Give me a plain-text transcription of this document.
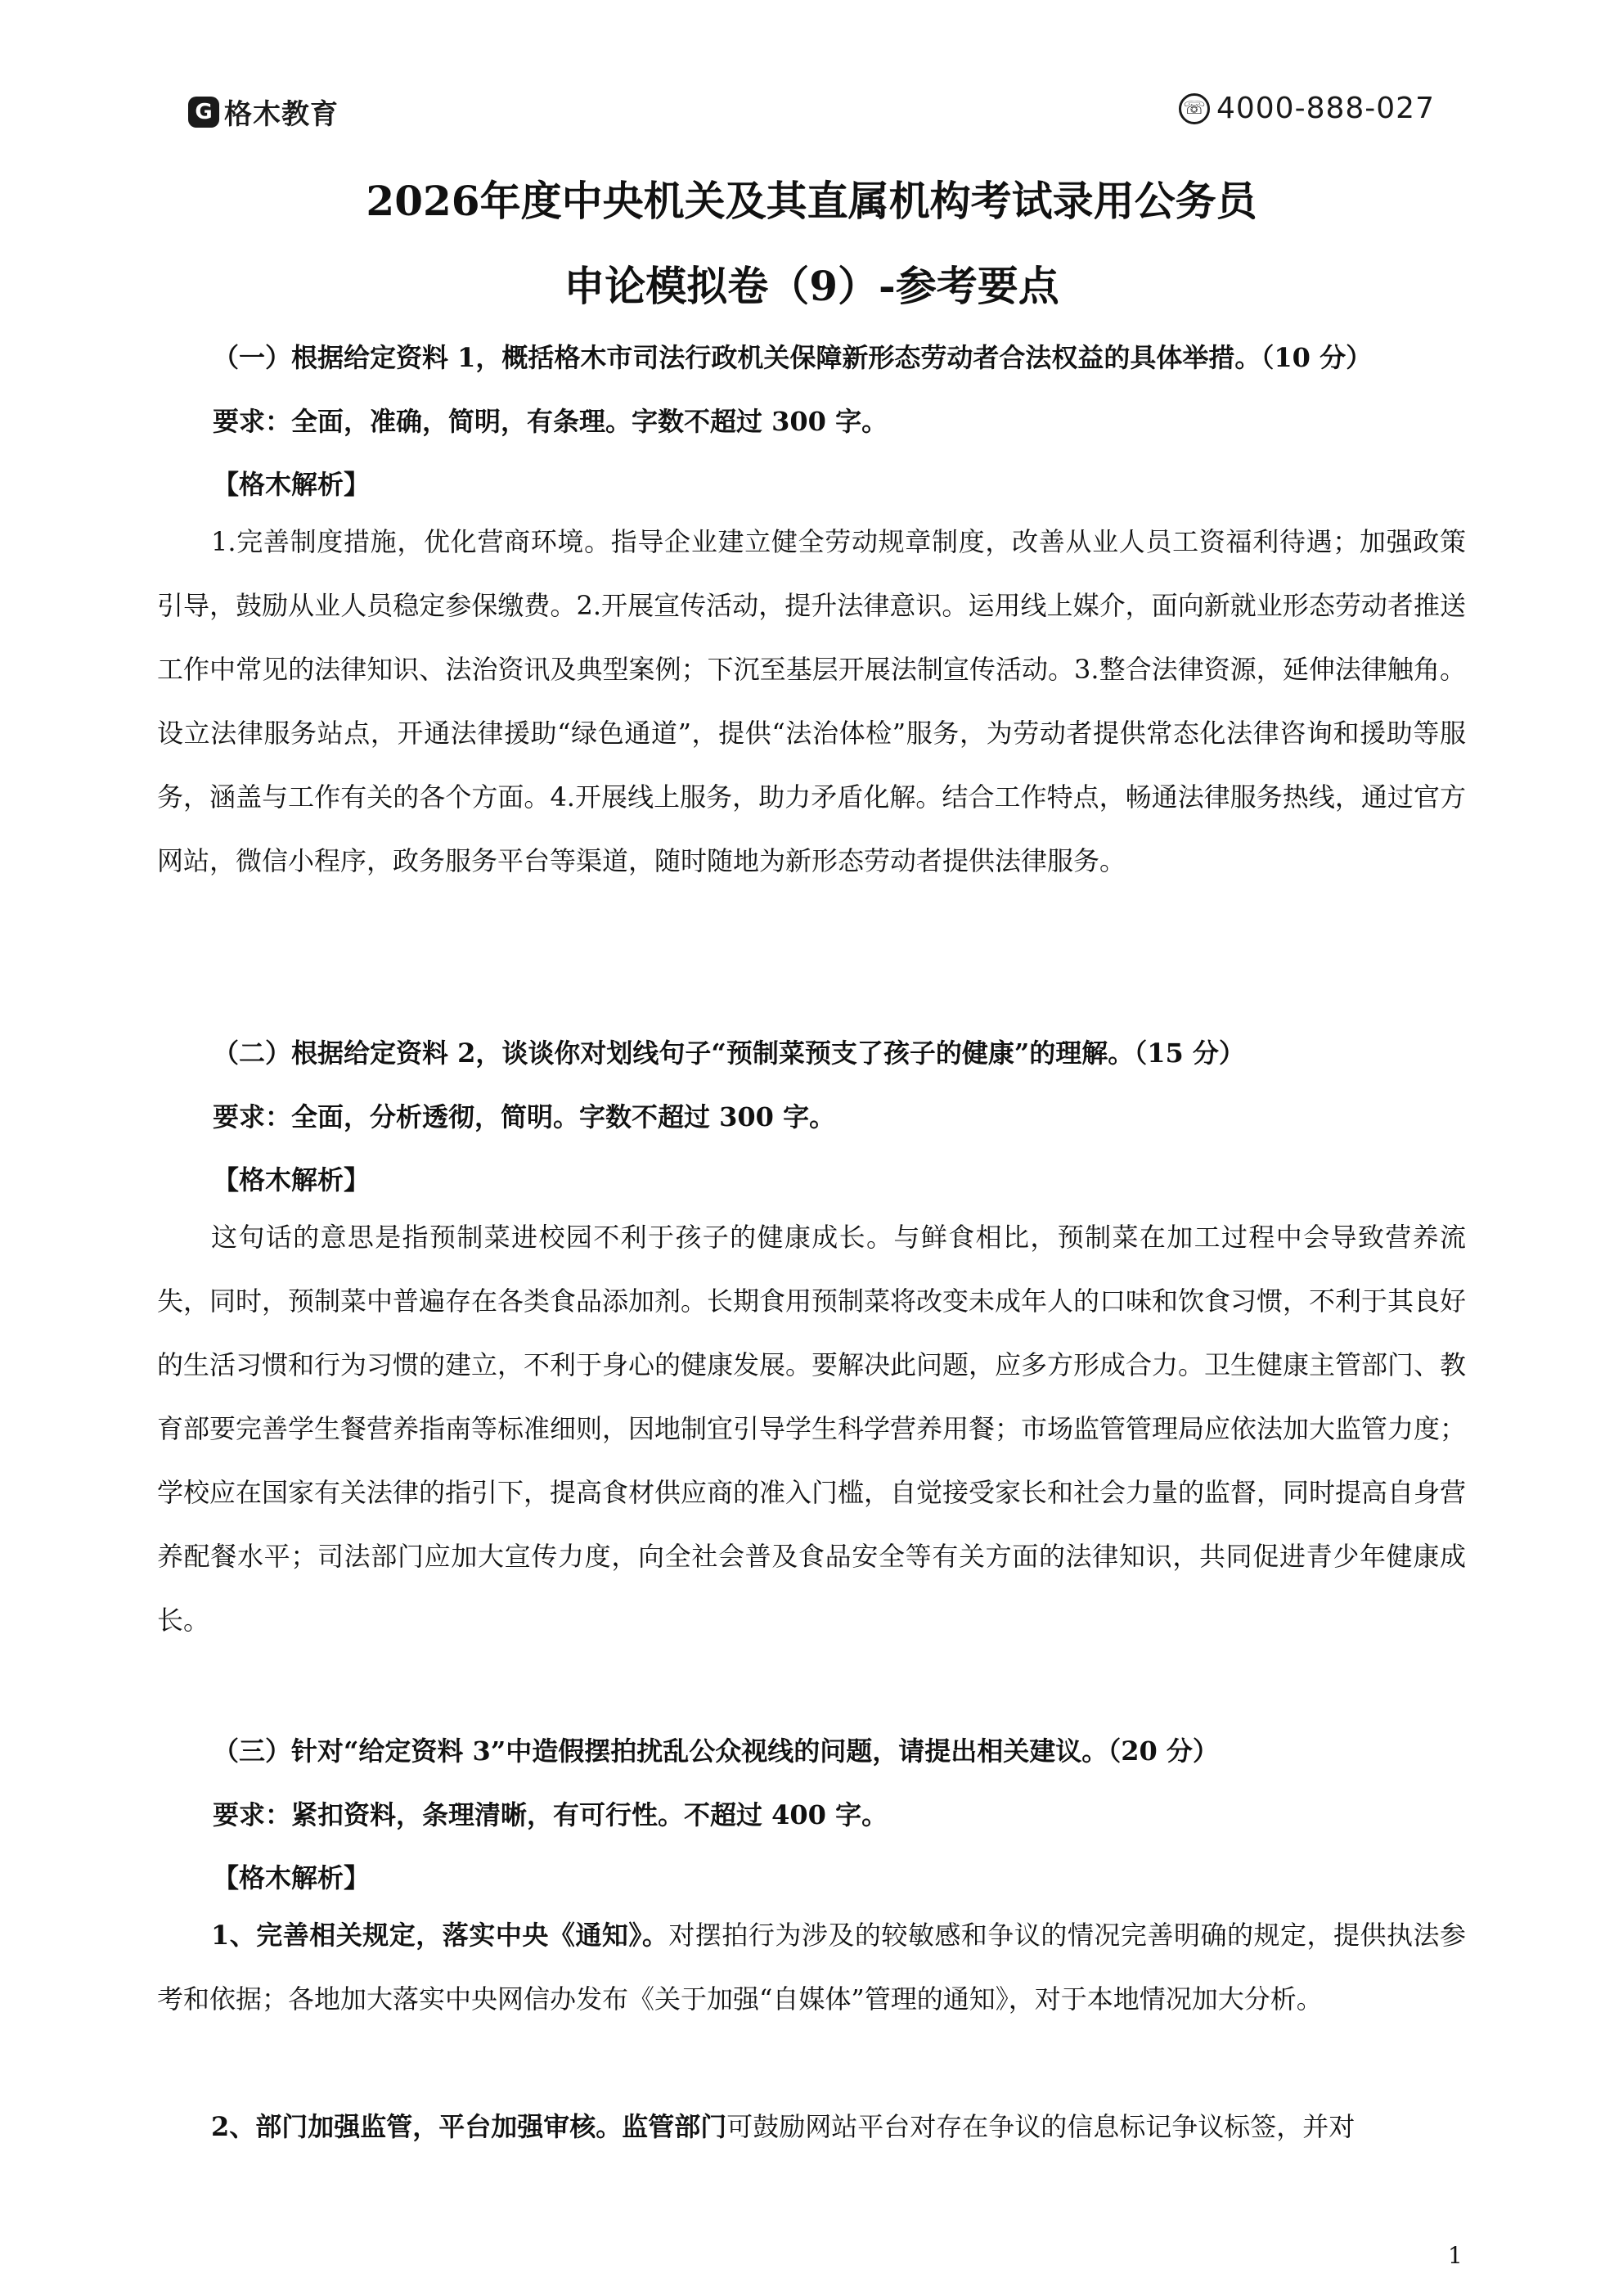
G 格木教育	☏ 4000-888-027
2026年度中央机关及其直属机构考试录用公务员
申论模拟卷（9）-参考要点
（一）根据给定资料 1，概括格木市司法行政机关保障新形态劳动者合法权益的具体举措。（10 分）
要求：全面，准确，简明，有条理。字数不超过 300 字。
【格木解析】

1.完善制度措施，优化营商环境。指导企业建立健全劳动规章制度，改善从业人员工资福利待遇；加强政策引导，鼓励从业人员稳定参保缴费。2.开展宣传活动，提升法律意识。运用线上媒介，面向新就业形态劳动者推送工作中常见的法律知识、法治资讯及典型案例；下沉至基层开展法制宣传活动。3.整合法律资源，延伸法律触角。设立法律服务站点，开通法律援助“绿色通道”，提供“法治体检”服务，为劳动者提供常态化法律咨询和援助等服务，涵盖与工作有关的各个方面。4.开展线上服务，助力矛盾化解。结合工作特点，畅通法律服务热线，通过官方网站，微信小程序，政务服务平台等渠道，随时随地为新形态劳动者提供法律服务。

（二）根据给定资料 2，谈谈你对划线句子“预制菜预支了孩子的健康”的理解。（15 分）
要求：全面，分析透彻，简明。字数不超过 300 字。
【格木解析】

这句话的意思是指预制菜进校园不利于孩子的健康成长。与鲜食相比，预制菜在加工过程中会导致营养流失，同时，预制菜中普遍存在各类食品添加剂。长期食用预制菜将改变未成年人的口味和饮食习惯，不利于其良好的生活习惯和行为习惯的建立，不利于身心的健康发展。要解决此问题，应多方形成合力。卫生健康主管部门、教育部要完善学生餐营养指南等标准细则，因地制宜引导学生科学营养用餐；市场监管管理局应依法加大监管力度；学校应在国家有关法律的指引下，提高食材供应商的准入门槛，自觉接受家长和社会力量的监督，同时提高自身营养配餐水平；司法部门应加大宣传力度，向全社会普及食品安全等有关方面的法律知识，共同促进青少年健康成长。

（三）针对“给定资料 3”中造假摆拍扰乱公众视线的问题，请提出相关建议。（20 分）
要求：紧扣资料，条理清晰，有可行性。不超过 400 字。
【格木解析】

1、完善相关规定，落实中央《通知》。对摆拍行为涉及的较敏感和争议的情况完善明确的规定，提供执法参考和依据；各地加大落实中央网信办发布《关于加强“自媒体”管理的通知》，对于本地情况加大分析。

2、部门加强监管，平台加强审核。监管部门可鼓励网站平台对存在争议的信息标记争议标签，并对

1
